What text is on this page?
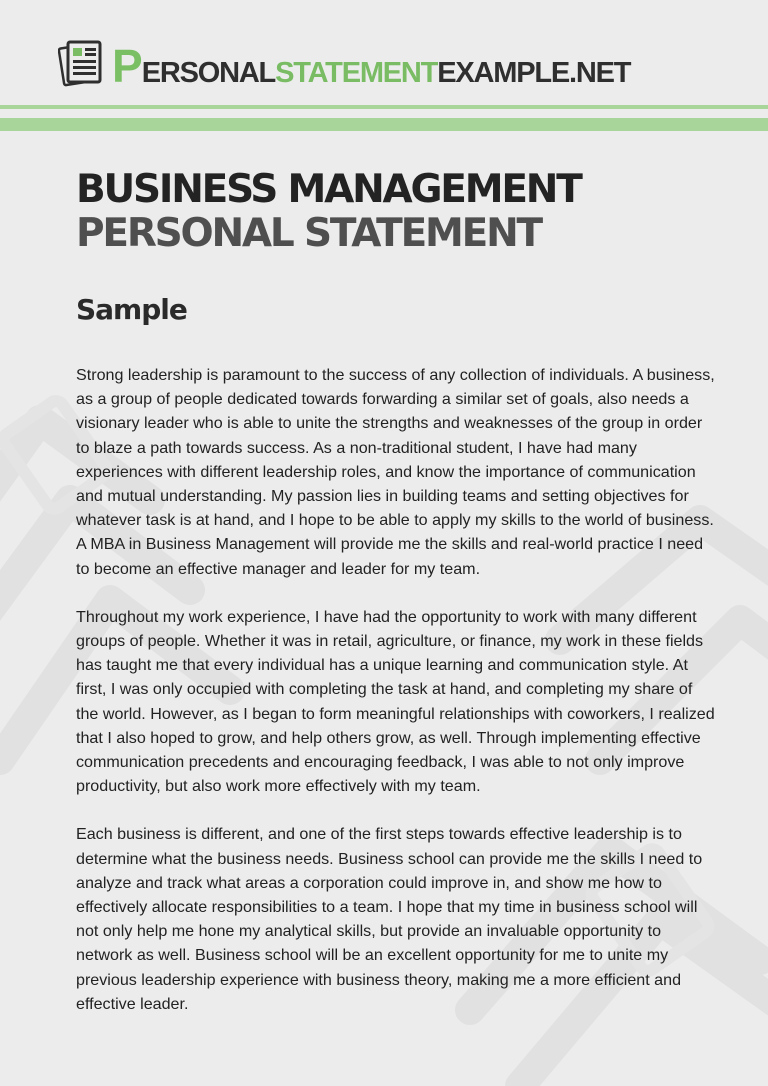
PERSONALSTATEMENTEXAMPLE.NET
BUSINESS MANAGEMENT
PERSONAL STATEMENT
Sample

Strong leadership is paramount to the success of any collection of individuals. A business, as a group of people dedicated towards forwarding a similar set of goals, also needs a visionary leader who is able to unite the strengths and weaknesses of the group in order to blaze a path towards success. As a non-traditional student, I have had many experiences with different leadership roles, and know the importance of communication and mutual understanding. My passion lies in building teams and setting objectives for whatever task is at hand, and I hope to be able to apply my skills to the world of business. A MBA in Business Management will provide me the skills and real-world practice I need to become an effective manager and leader for my team.

Throughout my work experience, I have had the opportunity to work with many different groups of people. Whether it was in retail, agriculture, or finance, my work in these fields has taught me that every individual has a unique learning and communication style. At first, I was only occupied with completing the task at hand, and completing my share of the world. However, as I began to form meaningful relationships with coworkers, I realized that I also hoped to grow, and help others grow, as well. Through implementing effective communication precedents and encouraging feedback, I was able to not only improve productivity, but also work more effectively with my team.

Each business is different, and one of the first steps towards effective leadership is to determine what the business needs. Business school can provide me the skills I need to analyze and track what areas a corporation could improve in, and show me how to effectively allocate responsibilities to a team. I hope that my time in business school will not only help me hone my analytical skills, but provide an invaluable opportunity to network as well. Business school will be an excellent opportunity for me to unite my previous leadership experience with business theory, making me a more efficient and effective leader.
